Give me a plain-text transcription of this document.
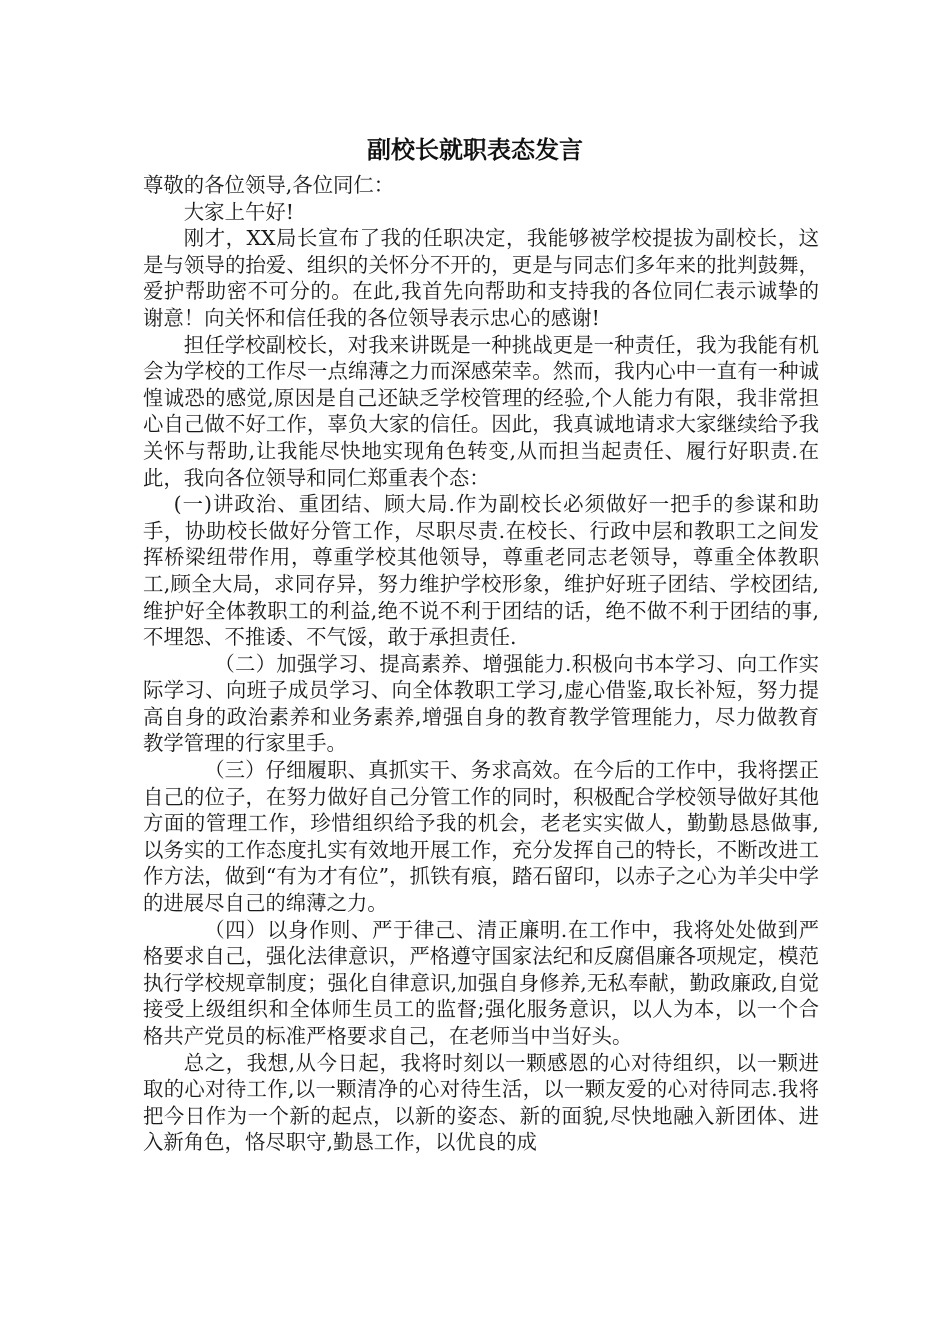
副校长就职表态发言

尊敬的各位领导,各位同仁：

大家上午好!

刚才，XX局长宣布了我的任职决定，我能够被学校提拔为副校长，这是与领导的抬爱、组织的关怀分不开的，更是与同志们多年来的批判鼓舞，爱护帮助密不可分的。在此,我首先向帮助和支持我的各位同仁表示诚挚的谢意！向关怀和信任我的各位领导表示忠心的感谢!

担任学校副校长，对我来讲既是一种挑战更是一种责任，我为我能有机会为学校的工作尽一点绵薄之力而深感荣幸。然而，我内心中一直有一种诚惶诚恐的感觉,原因是自己还缺乏学校管理的经验,个人能力有限，我非常担心自己做不好工作，辜负大家的信任。因此，我真诚地请求大家继续给予我关怀与帮助,让我能尽快地实现角色转变,从而担当起责任、履行好职责.在此，我向各位领导和同仁郑重表个态：

(一)讲政治、重团结、顾大局.作为副校长必须做好一把手的参谋和助手，协助校长做好分管工作，尽职尽责.在校长、行政中层和教职工之间发挥桥梁纽带作用，尊重学校其他领导，尊重老同志老领导，尊重全体教职工,顾全大局，求同存异，努力维护学校形象，维护好班子团结、学校团结,维护好全体教职工的利益,绝不说不利于团结的话，绝不做不利于团结的事,不埋怨、不推诿、不气馁，敢于承担责任.

（二）加强学习、提高素养、增强能力.积极向书本学习、向工作实际学习、向班子成员学习、向全体教职工学习,虚心借鉴,取长补短，努力提高自身的政治素养和业务素养,增强自身的教育教学管理能力，尽力做教育教学管理的行家里手。

（三）仔细履职、真抓实干、务求高效。在今后的工作中，我将摆正自己的位子，在努力做好自己分管工作的同时，积极配合学校领导做好其他方面的管理工作，珍惜组织给予我的机会，老老实实做人，勤勤恳恳做事,以务实的工作态度扎实有效地开展工作，充分发挥自己的特长，不断改进工作方法，做到“有为才有位”，抓铁有痕，踏石留印，以赤子之心为羊尖中学的进展尽自己的绵薄之力。

（四）以身作则、严于律己、清正廉明.在工作中，我将处处做到严格要求自己，强化法律意识，严格遵守国家法纪和反腐倡廉各项规定，模范执行学校规章制度；强化自律意识,加强自身修养,无私奉献，勤政廉政,自觉接受上级组织和全体师生员工的监督;强化服务意识，以人为本，以一个合格共产党员的标准严格要求自己，在老师当中当好头。

总之，我想,从今日起，我将时刻以一颗感恩的心对待组织，以一颗进取的心对待工作,以一颗清净的心对待生活，以一颗友爱的心对待同志.我将把今日作为一个新的起点，以新的姿态、新的面貌,尽快地融入新团体、进入新角色，恪尽职守,勤恳工作，以优良的成
